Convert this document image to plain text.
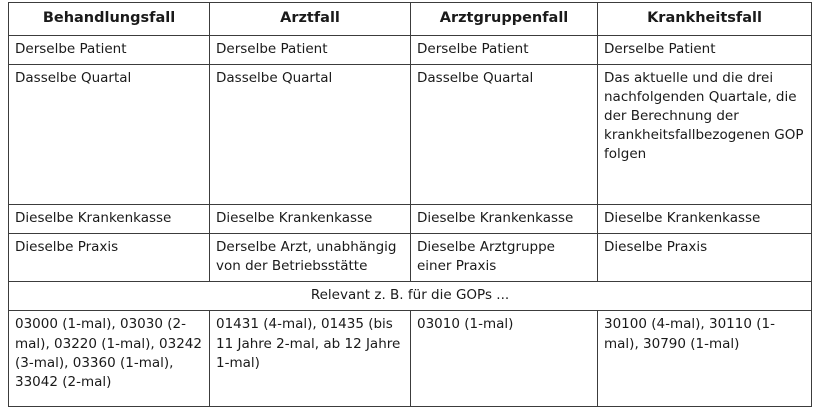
Behandlungsfall	Arztfall	Arztgruppenfall	Krankheitsfall

Derselbe Patient	Derselbe Patient	Derselbe Patient	Derselbe Patient

Dasselbe Quartal	Dasselbe Quartal	Dasselbe Quartal	Das aktuelle und die drei nachfolgenden Quartale, die der Berechnung der krankheitsfallbezogenen GOP folgen

Dieselbe Krankenkasse	Dieselbe Krankenkasse	Dieselbe Krankenkasse	Dieselbe Krankenkasse

Dieselbe Praxis	Derselbe Arzt, unabhängig von der Betriebsstätte	Dieselbe Arztgruppe einer Praxis	Dieselbe Praxis

Relevant z. B. für die GOPs ...			

03000 (1-mal), 03030 (2-mal), 03220 (1-mal), 03242 (3-mal), 03360 (1-mal), 33042 (2-mal)	01431 (4-mal), 01435 (bis 11 Jahre 2-mal, ab 12 Jahre 1-mal)	03010 (1-mal)	30100 (4-mal), 30110 (1-mal), 30790 (1-mal)
